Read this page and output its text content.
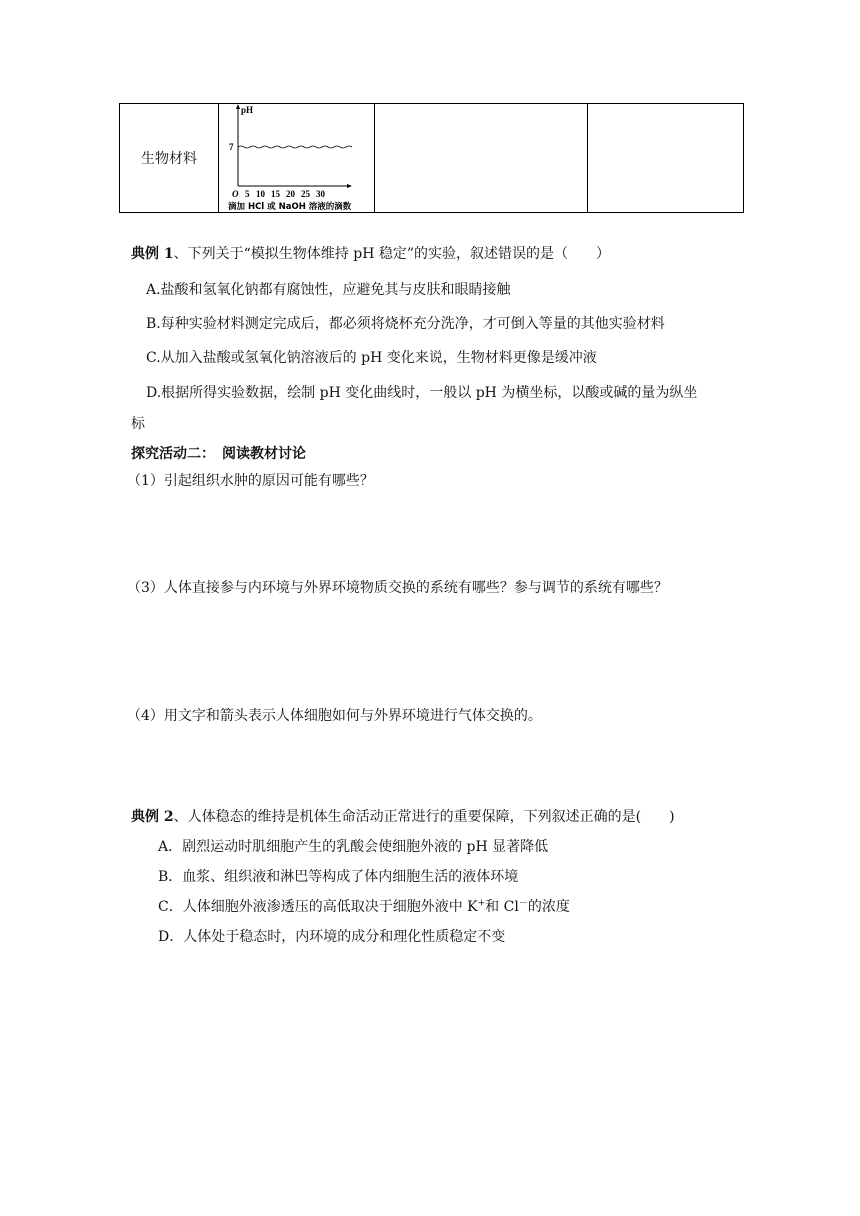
生物材料	
pH
7
O 5 10 15 20 25 30
滴加 HCl 或 NaOH 溶液的滴数

典例 1、下列关于“模拟生物体维持 pH 稳定”的实验，叙述错误的是（　　）
A.盐酸和氢氧化钠都有腐蚀性，应避免其与皮肤和眼睛接触
B.每种实验材料测定完成后，都必须将烧杯充分洗净，才可倒入等量的其他实验材料
C.从加入盐酸或氢氧化钠溶液后的 pH 变化来说，生物材料更像是缓冲液
D.根据所得实验数据，绘制 pH 变化曲线时，一般以 pH 为横坐标，以酸或碱的量为纵坐
标
探究活动二：　阅读教材讨论
（1）引起组织水肿的原因可能有哪些？
（3）人体直接参与内环境与外界环境物质交换的系统有哪些？参与调节的系统有哪些？
（4）用文字和箭头表示人体细胞如何与外界环境进行气体交换的。
典例 2、人体稳态的维持是机体生命活动正常进行的重要保障，下列叙述正确的是(　　)
A．剧烈运动时肌细胞产生的乳酸会使细胞外液的 pH 显著降低
B．血浆、组织液和淋巴等构成了体内细胞生活的液体环境
C．人体细胞外液渗透压的高低取决于细胞外液中 K+和 Cl－的浓度
D．人体处于稳态时，内环境的成分和理化性质稳定不变
